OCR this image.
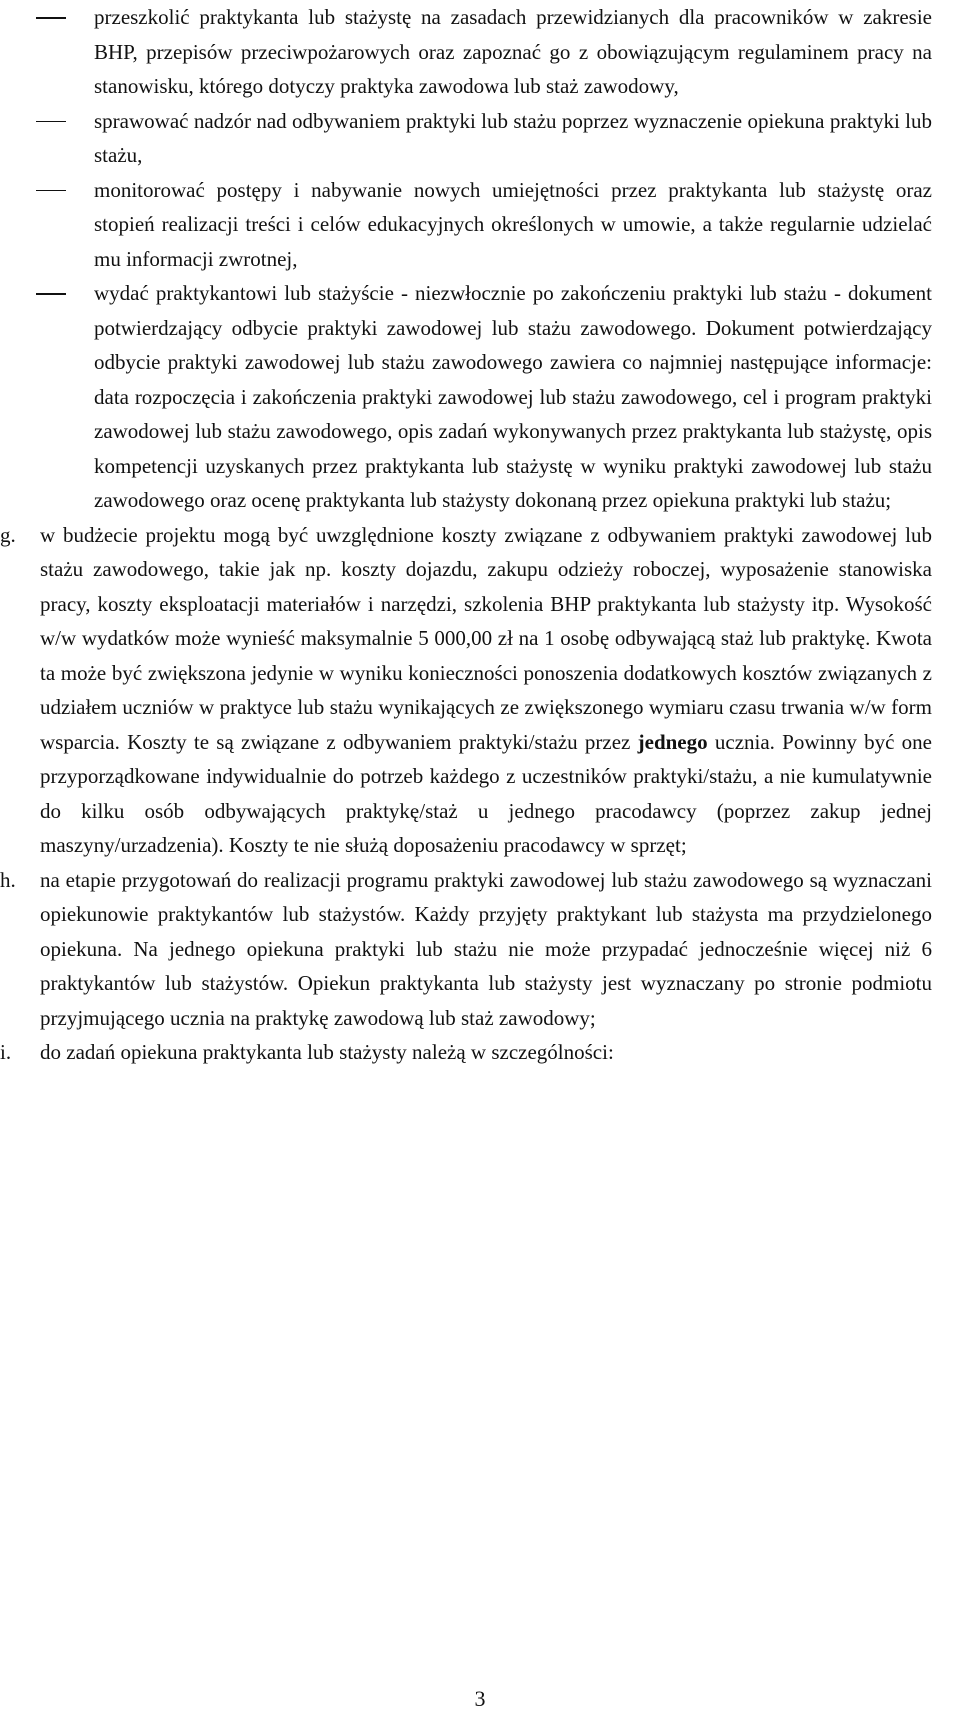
przeszkolić praktykanta lub stażystę na zasadach przewidzianych dla pracowników w zakresie BHP, przepisów przeciwpożarowych oraz zapoznać go z obowiązującym regulaminem pracy na stanowisku, którego dotyczy praktyka zawodowa lub staż zawodowy,
sprawować nadzór nad odbywaniem praktyki lub stażu poprzez wyznaczenie opiekuna praktyki lub stażu,
monitorować postępy i nabywanie nowych umiejętności przez praktykanta lub stażystę oraz stopień realizacji treści i celów edukacyjnych określonych w umowie, a także regularnie udzielać mu informacji zwrotnej,
wydać praktykantowi lub stażyście - niezwłocznie po zakończeniu praktyki lub stażu - dokument potwierdzający odbycie praktyki zawodowej lub stażu zawodowego. Dokument potwierdzający odbycie praktyki zawodowej lub stażu zawodowego zawiera co najmniej następujące informacje: data rozpoczęcia i zakończenia praktyki zawodowej lub stażu zawodowego, cel i program praktyki zawodowej lub stażu zawodowego, opis zadań wykonywanych przez praktykanta lub stażystę, opis kompetencji uzyskanych przez praktykanta lub stażystę w wyniku praktyki zawodowej lub stażu zawodowego oraz ocenę praktykanta lub stażysty dokonaną przez opiekuna praktyki lub stażu;
g. w budżecie projektu mogą być uwzględnione koszty związane z odbywaniem praktyki zawodowej lub stażu zawodowego, takie jak np. koszty dojazdu, zakupu odzieży roboczej, wyposażenie stanowiska pracy, koszty eksploatacji materiałów i narzędzi, szkolenia BHP praktykanta lub stażysty itp. Wysokość w/w wydatków może wynieść maksymalnie 5 000,00 zł na 1 osobę odbywającą staż lub praktykę. Kwota ta może być zwiększona jedynie w wyniku konieczności ponoszenia dodatkowych kosztów związanych z udziałem uczniów w praktyce lub stażu wynikających ze zwiększonego wymiaru czasu trwania w/w form wsparcia. Koszty te są związane z odbywaniem praktyki/stażu przez jednego ucznia. Powinny być one przyporządkowane indywidualnie do potrzeb każdego z uczestników praktyki/stażu, a nie kumulatywnie do kilku osób odbywających praktykę/staż u jednego pracodawcy (poprzez zakup jednej maszyny/urzadzenia). Koszty te nie służą doposażeniu pracodawcy w sprzęt;
h. na etapie przygotowań do realizacji programu praktyki zawodowej lub stażu zawodowego są wyznaczani opiekunowie praktykantów lub stażystów. Każdy przyjęty praktykant lub stażysta ma przydzielonego opiekuna. Na jednego opiekuna praktyki lub stażu nie może przypadać jednocześnie więcej niż 6 praktykantów lub stażystów. Opiekun praktykanta lub stażysty jest wyznaczany po stronie podmiotu przyjmującego ucznia na praktykę zawodową lub staż zawodowy;
i. do zadań opiekuna praktykanta lub stażysty należą w szczególności:
3
